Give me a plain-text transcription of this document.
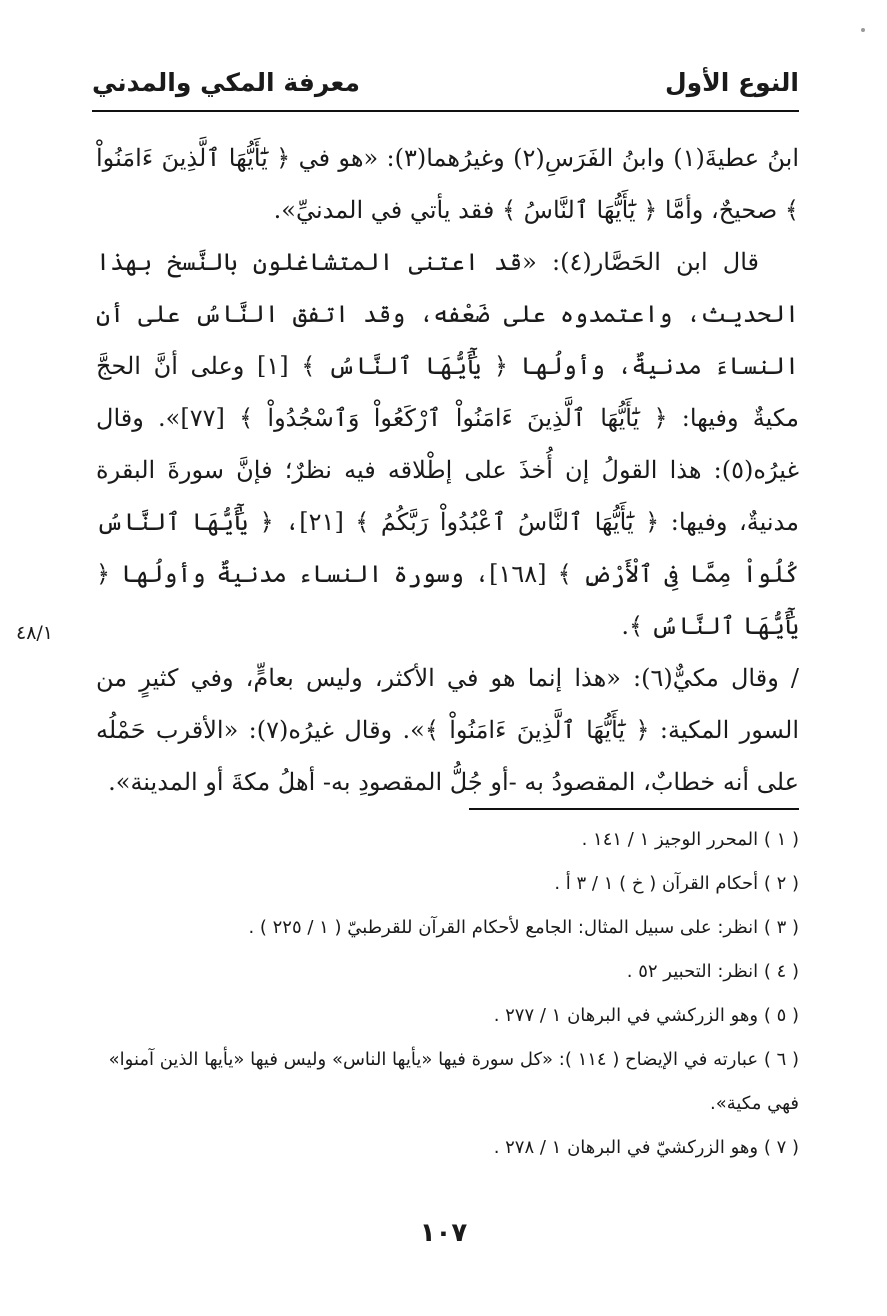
النوع الأول
معرفة المكي والمدني

ابنُ عطيةَ(١) وابنُ الفَرَسِ(٢) وغيرُهما(٣): «هو في ﴿ يَٰٓأَيُّهَا ٱلَّذِينَ ءَامَنُواْ ﴾ صحيحٌ، وأمَّا ﴿ يَٰٓأَيُّهَا ٱلنَّاسُ ﴾ فقد يأتي في المدنيِّ».

قال ابن الحَصَّار(٤): «قد اعتنى المتشاغلون بالنَّسخ بهذا الحديث، واعتمدوه على ضَعْفه، وقد اتفق النَّاسُ على أن النساءَ مدنيةٌ، وأولُها ﴿ يَٰٓأَيُّهَا ٱلنَّاسُ ﴾ [١] وعلى أنَّ الحجَّ مكيةٌ وفيها: ﴿ يَٰٓأَيُّهَا ٱلَّذِينَ ءَامَنُواْ ٱرْكَعُواْ وَٱسْجُدُواْ ﴾ [٧٧]». وقال غيرُه(٥): هذا القولُ إن أُخذَ على إطْلاقه فيه نظرٌ؛ فإنَّ سورةَ البقرة مدنيةٌ، وفيها: ﴿ يَٰٓأَيُّهَا ٱلنَّاسُ ٱعْبُدُواْ رَبَّكُمُ ﴾ [٢١]، ﴿ يَٰٓأَيُّهَا ٱلنَّاسُ كُلُواْ مِمَّا فِى ٱلْأَرْضِ ﴾ [١٦٨]، وسورة النساء مدنيةٌ وأولُها ﴿ يَٰٓأَيُّهَا ٱلنَّاسُ ﴾.

/ وقال مكيٌّ(٦): «هذا إنما هو في الأكثر، وليس بعامٍّ، وفي كثيرٍ من السور المكية: ﴿ يَٰٓأَيُّهَا ٱلَّذِينَ ءَامَنُواْ ﴾». وقال غيرُه(٧): «الأقرب حَمْلُه على أنه خطابٌ، المقصودُ به -أو جُلُّ المقصودِ به- أهلُ مكةَ أو المدينة».

٤٨/١

( ١ ) المحرر الوجيز ١ / ١٤١ .

( ٢ ) أحكام القرآن ( خ ) ١ / ٣ أ .

( ٣ ) انظر: على سبيل المثال: الجامع لأحكام القرآن للقرطبيّ ( ١ / ٢٢٥ ) .

( ٤ ) انظر: التحبير ٥٢ .

( ٥ ) وهو الزركشي في البرهان ١ / ٢٧٧ .

( ٦ ) عبارته في الإيضاح ( ١١٤ ): «كل سورة فيها «يأيها الناس» وليس فيها «يأيها الذين آمنوا» فهي مكية».

( ٧ ) وهو الزركشيّ في البرهان ١ / ٢٧٨ .

١٠٧
